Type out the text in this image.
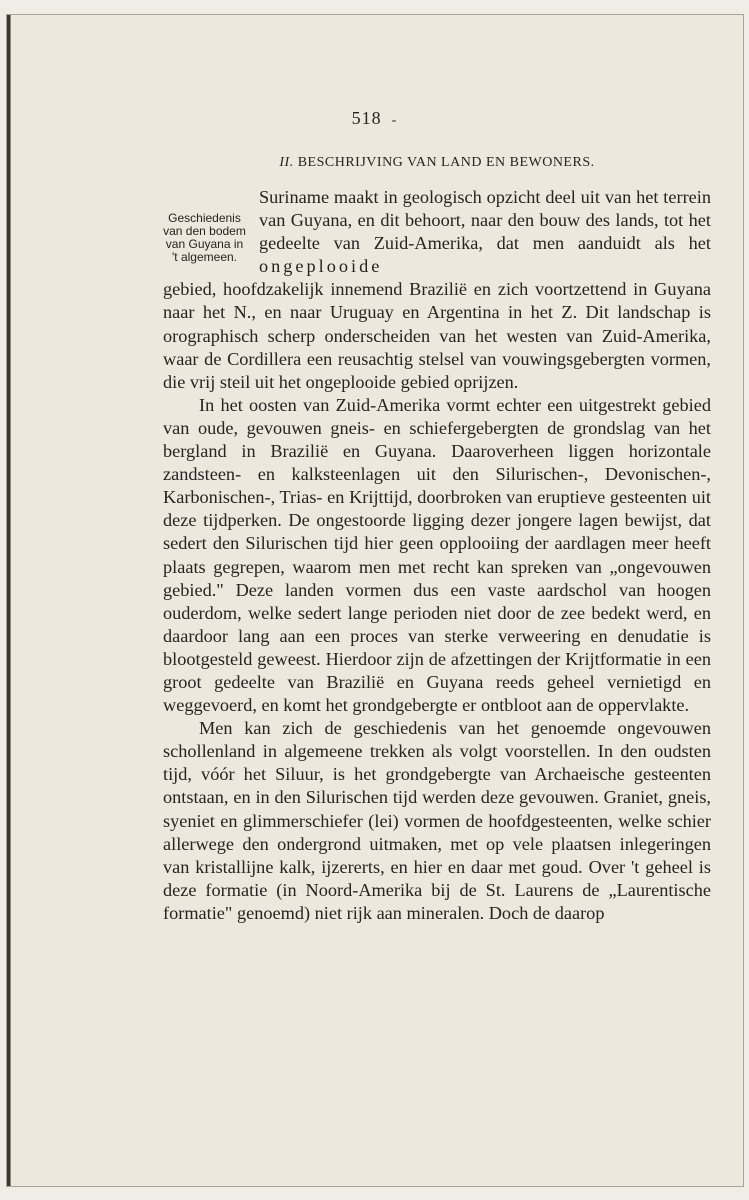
518 -
II. BESCHRIJVING VAN LAND EN BEWONERS.
Geschiedenis
van den bodem
van Guyana in
't algemeen.

Suriname maakt in geologisch opzicht deel uit van het terrein van Guyana, en dit behoort, naar den bouw des lands, tot het gedeelte van Zuid-Amerika, dat men aanduidt als het ongeplooide
gebied, hoofdzakelijk innemend Brazilië en zich voortzettend in Guyana naar het N., en naar Uruguay en Argentina in het Z. Dit landschap is orographisch scherp onderscheiden van het westen van Zuid-Amerika, waar de Cordillera een reusachtig stelsel van vouwingsgebergten vormen, die vrij steil uit het ongeplooide gebied oprijzen.

In het oosten van Zuid-Amerika vormt echter een uitgestrekt gebied van oude, gevouwen gneis- en schiefergebergten de grondslag van het bergland in Brazilië en Guyana. Daaroverheen liggen horizontale zandsteen- en kalksteenlagen uit den Silurischen-, Devonischen-, Karbonischen-, Trias- en Krijttijd, doorbroken van eruptieve gesteenten uit deze tijdperken. De ongestoorde ligging dezer jongere lagen bewijst, dat sedert den Silurischen tijd hier geen opplooiing der aardlagen meer heeft plaats gegrepen, waarom men met recht kan spreken van „ongevouwen gebied." Deze landen vormen dus een vaste aardschol van hoogen ouderdom, welke sedert lange perioden niet door de zee bedekt werd, en daardoor lang aan een proces van sterke verweering en denudatie is blootgesteld geweest. Hierdoor zijn de afzettingen der Krijtformatie in een groot gedeelte van Brazilië en Guyana reeds geheel vernietigd en weggevoerd, en komt het grondgebergte er ontbloot aan de oppervlakte.

Men kan zich de geschiedenis van het genoemde ongevouwen schollenland in algemeene trekken als volgt voorstellen. In den oudsten tijd, vóór het Siluur, is het grondgebergte van Archaeische gesteenten ontstaan, en in den Silurischen tijd werden deze gevouwen. Graniet, gneis, syeniet en glimmerschiefer (lei) vormen de hoofdgesteenten, welke schier allerwege den ondergrond uitmaken, met op vele plaatsen inlegeringen van kristallijne kalk, ijzererts, en hier en daar met goud. Over 't geheel is deze formatie (in Noord-Amerika bij de St. Laurens de „Laurentische formatie" genoemd) niet rijk aan mineralen. Doch de daarop
